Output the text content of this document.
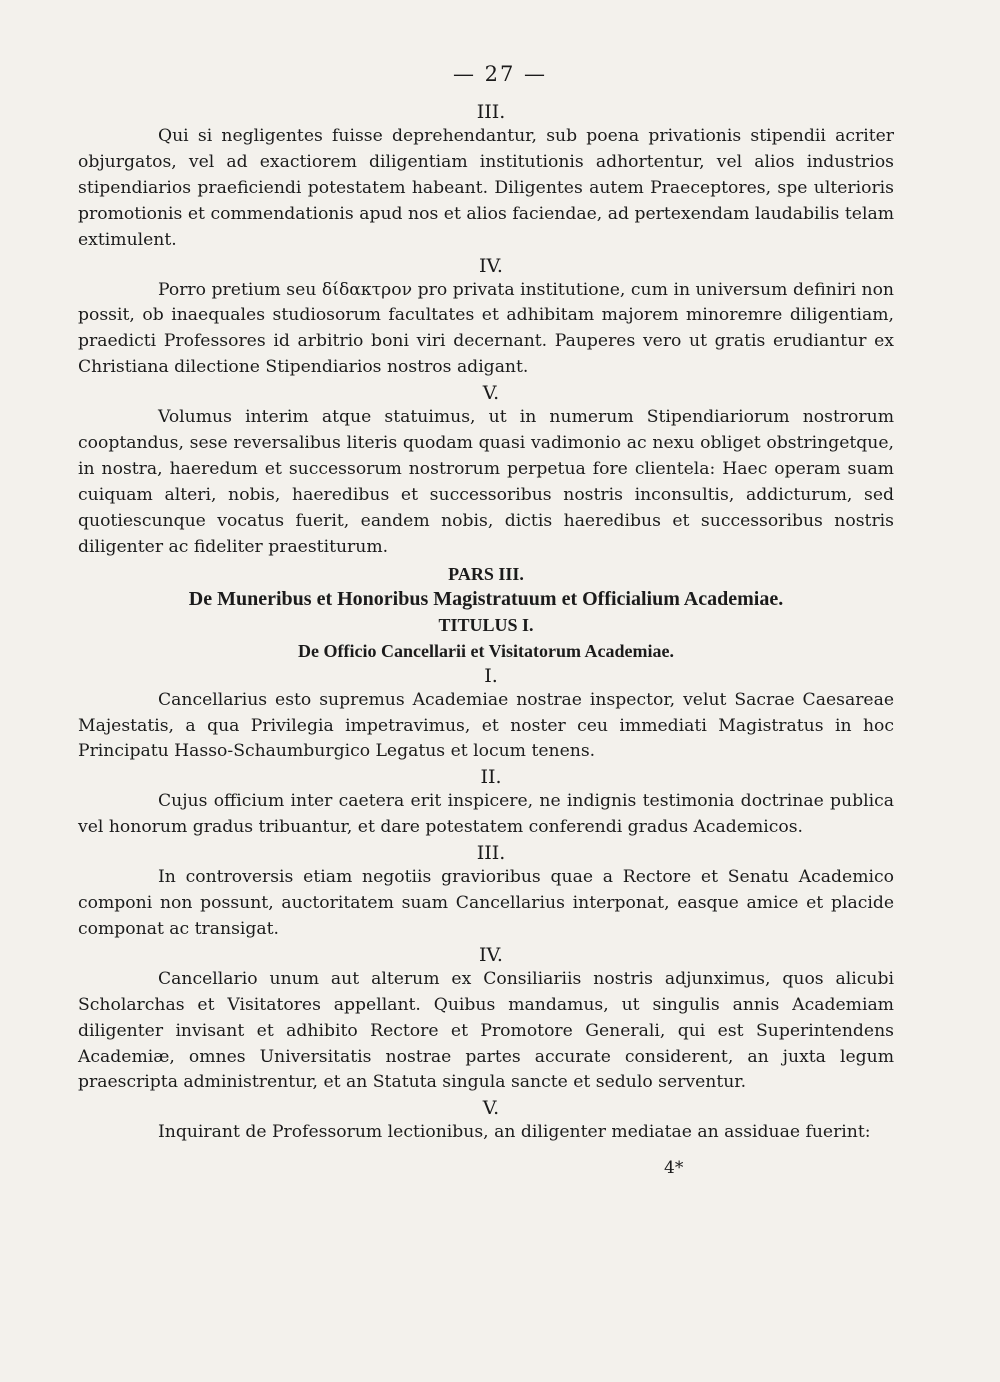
— 27 —
III.

Qui si negligentes fuisse deprehendantur, sub poena privationis stipendii acriter objurgatos, vel ad exactiorem diligentiam institutionis adhortentur, vel alios industrios stipendiarios praeficiendi potestatem habeant. Diligentes autem Praeceptores, spe ulterioris promotionis et commendationis apud nos et alios faciendae, ad pertexendam laudabilis telam extimulent.

IV.

Porro pretium seu δίδακτρον pro privata institutione, cum in universum definiri non possit, ob inaequales studiosorum facultates et adhibitam majorem minoremre diligentiam, praedicti Professores id arbitrio boni viri decernant. Pauperes vero ut gratis erudiantur ex Christiana dilectione Stipendiarios nostros adigant.

V.

Volumus interim atque statuimus, ut in numerum Stipendiariorum nostrorum cooptandus, sese reversalibus literis quodam quasi vadimonio ac nexu obliget obstringetque, in nostra, haeredum et successorum nostrorum perpetua fore clientela: Haec operam suam cuiquam alteri, nobis, haeredibus et successoribus nostris inconsultis, addicturum, sed quotiescunque vocatus fuerit, eandem nobis, dictis haeredibus et successoribus nostris diligenter ac fideliter praestiturum.

PARS III.
De Muneribus et Honoribus Magistratuum et Officialium Academiae.
TITULUS I.
De Officio Cancellarii et Visitatorum Academiae.
I.

Cancellarius esto supremus Academiae nostrae inspector, velut Sacrae Caesareae Majestatis, a qua Privilegia impetravimus, et noster ceu immediati Magistratus in hoc Principatu Hasso-Schaumburgico Legatus et locum tenens.

II.

Cujus officium inter caetera erit inspicere, ne indignis testimonia doctrinae publica vel honorum gradus tribuantur, et dare potestatem conferendi gradus Academicos.

III.

In controversis etiam negotiis gravioribus quae a Rectore et Senatu Academico componi non possunt, auctoritatem suam Cancellarius interponat, easque amice et placide componat ac transigat.

IV.

Cancellario unum aut alterum ex Consiliariis nostris adjunximus, quos alicubi Scholarchas et Visitatores appellant. Quibus mandamus, ut singulis annis Academiam diligenter invisant et adhibito Rectore et Promotore Generali, qui est Superintendens Academiæ, omnes Universitatis nostrae partes accurate considerent, an juxta legum praescripta administrentur, et an Statuta singula sancte et sedulo serventur.

V.

Inquirant de Professorum lectionibus, an diligenter mediatae an assiduae fuerint:

4*
